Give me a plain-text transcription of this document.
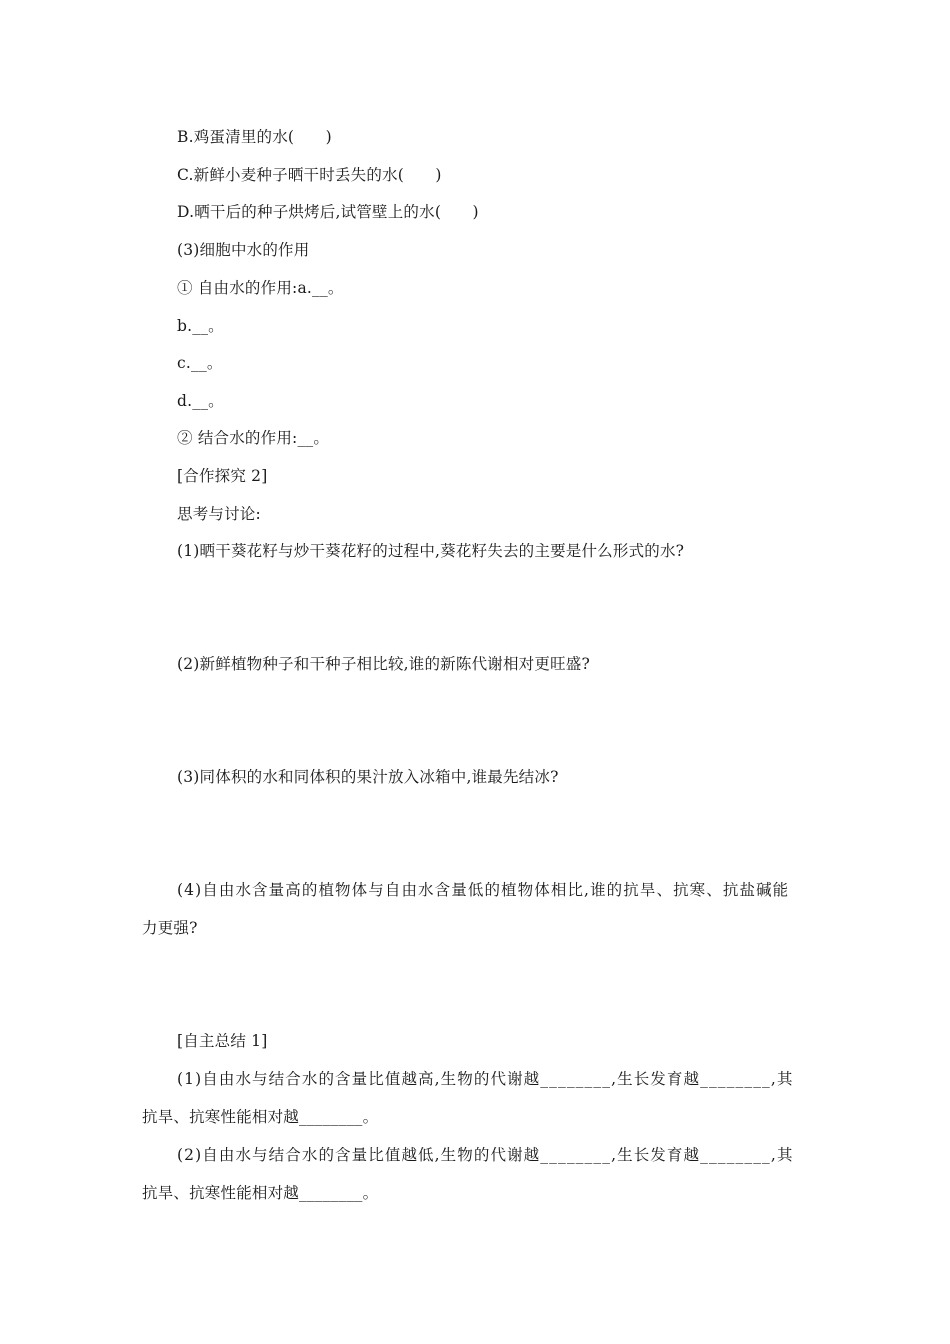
B.鸡蛋清里的水(　　)
C.新鲜小麦种子晒干时丢失的水(　　)
D.晒干后的种子烘烤后,试管壁上的水(　　)
(3)细胞中水的作用
① 自由水的作用:a.__。
b.__。
c.__。
d.__。
② 结合水的作用:__。
[合作探究 2]
思考与讨论:
(1)晒干葵花籽与炒干葵花籽的过程中,葵花籽失去的主要是什么形式的水?
(2)新鲜植物种子和干种子相比较,谁的新陈代谢相对更旺盛?
(3)同体积的水和同体积的果汁放入冰箱中,谁最先结冰?
(4)自由水含量高的植物体与自由水含量低的植物体相比,谁的抗旱、抗寒、抗盐碱能
力更强?
[自主总结 1]
(1)自由水与结合水的含量比值越高,生物的代谢越________,生长发育越________,其
抗旱、抗寒性能相对越________。
(2)自由水与结合水的含量比值越低,生物的代谢越________,生长发育越________,其
抗旱、抗寒性能相对越________。
